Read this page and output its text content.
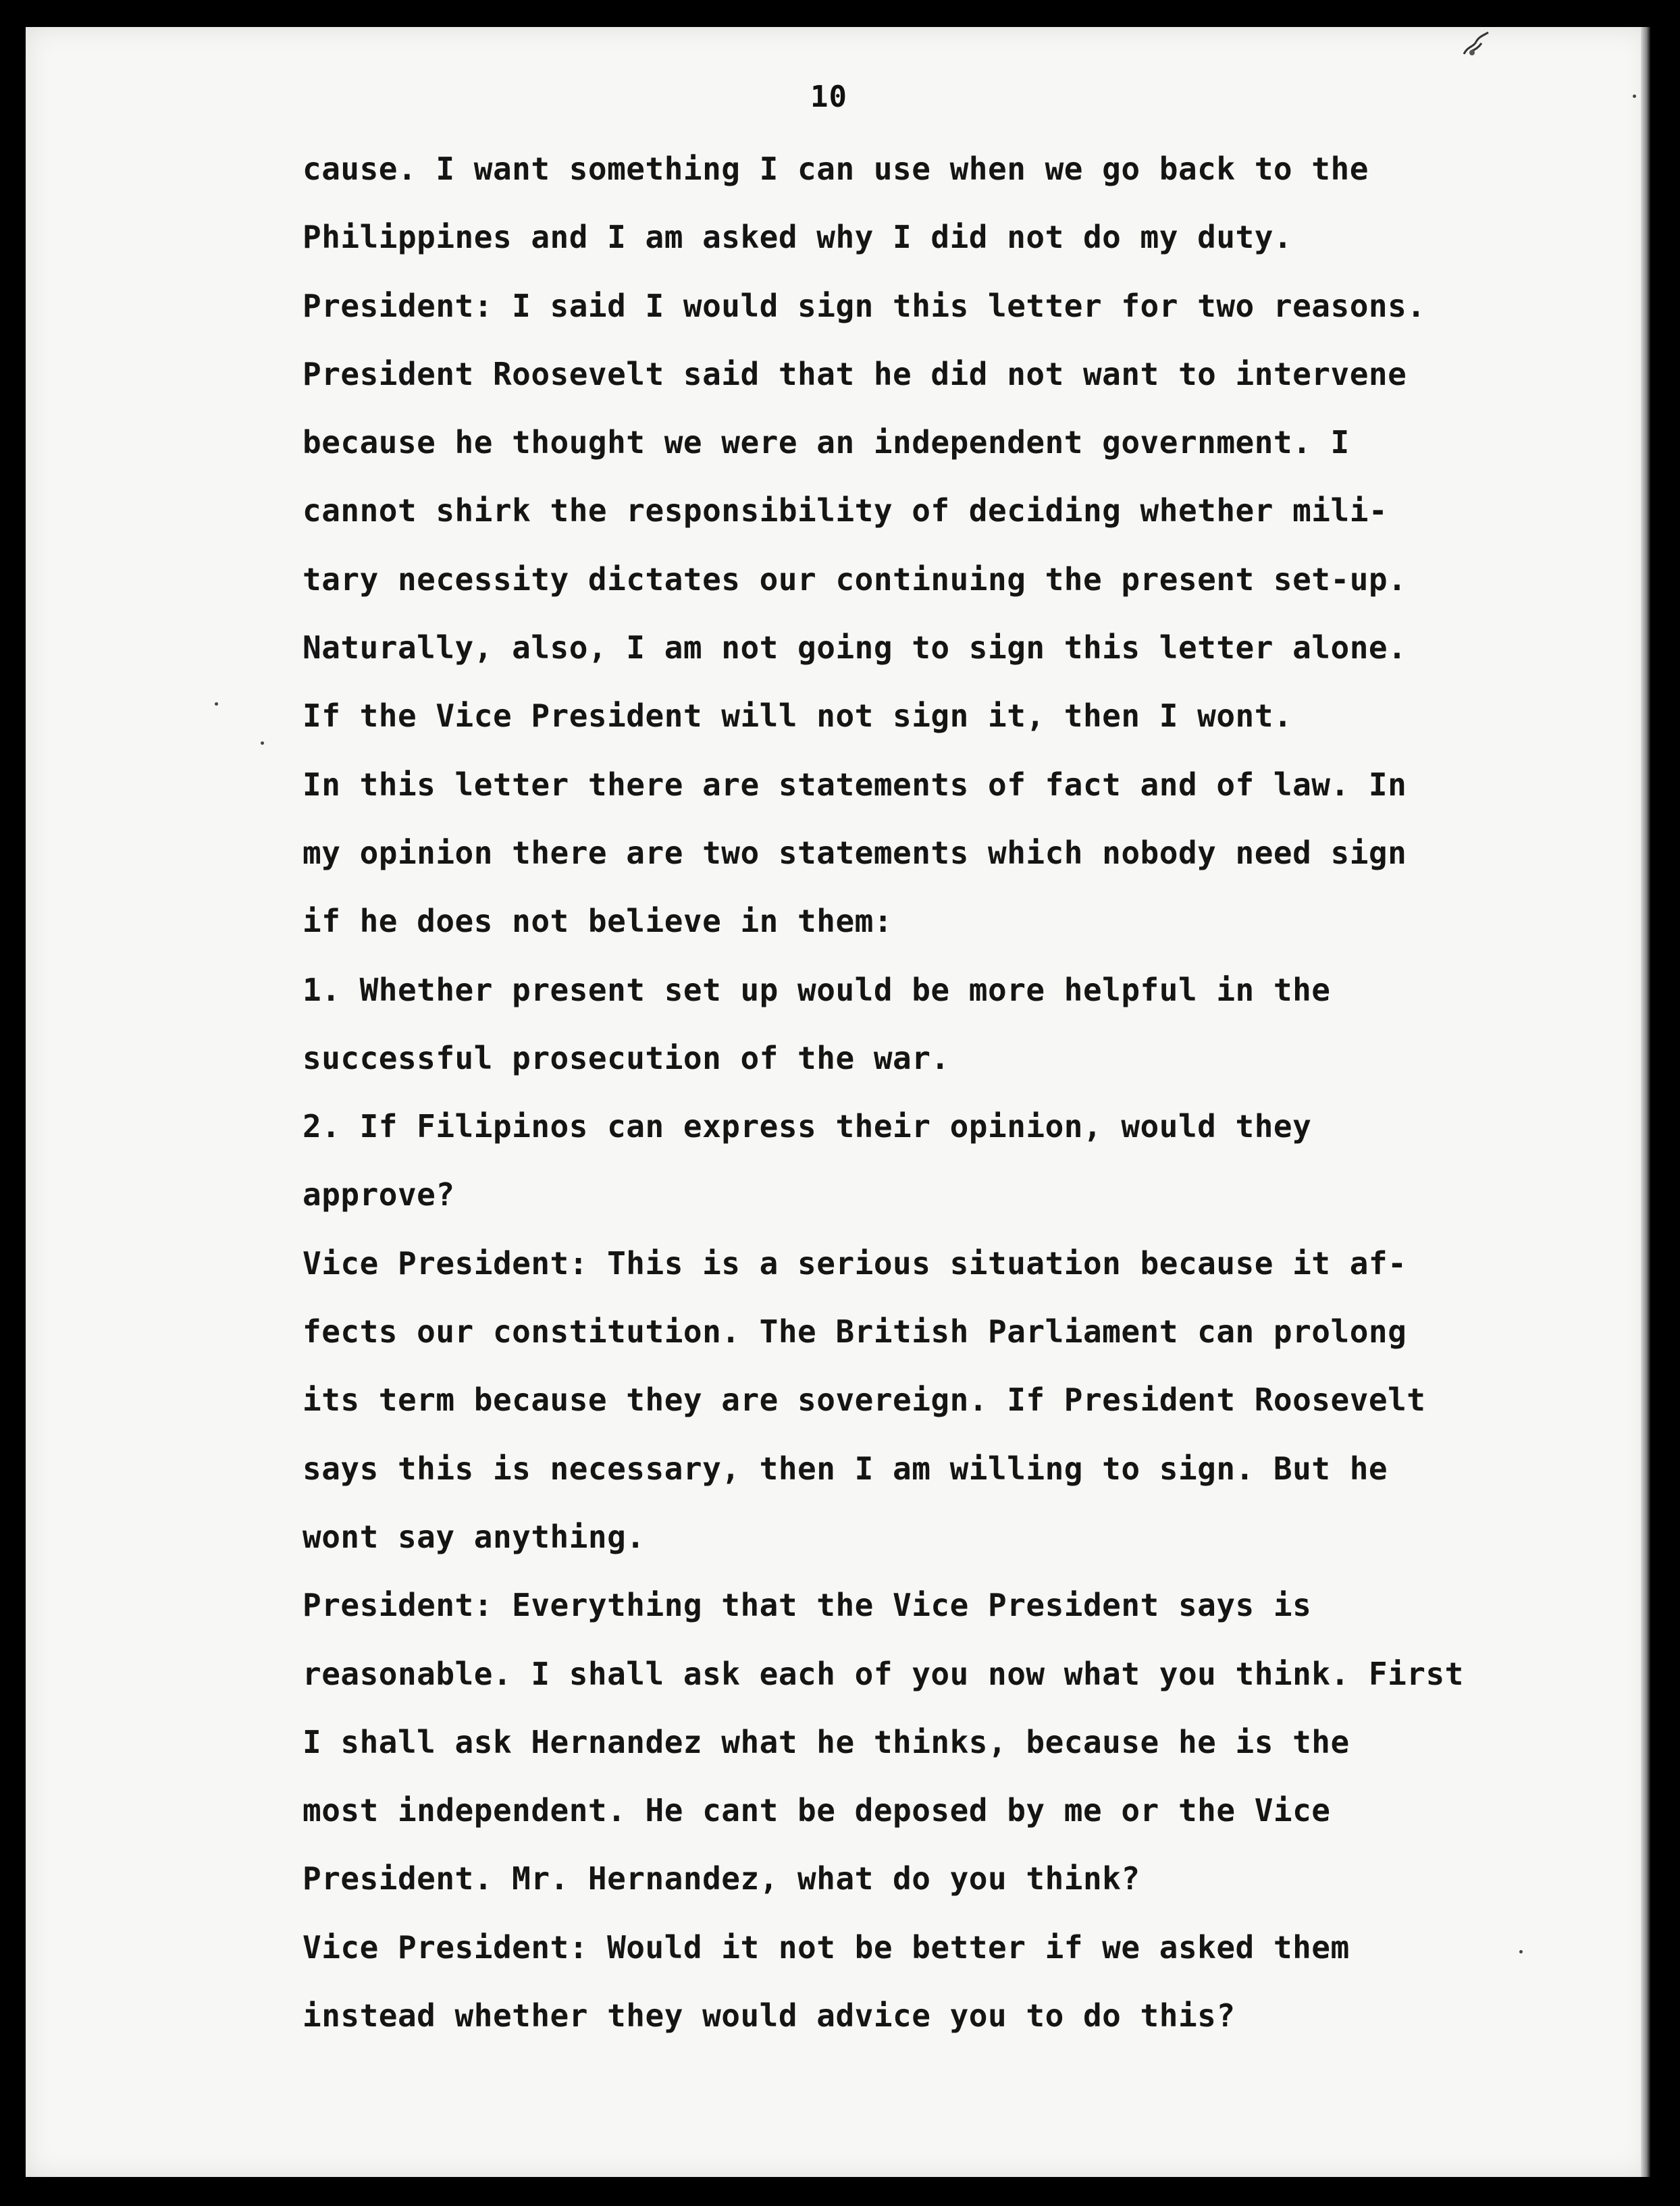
10
cause. I want something I can use when we go back to the
Philippines and I am asked why I did not do my duty.
President: I said I would sign this letter for two reasons.
President Roosevelt said that he did not want to intervene
because he thought we were an independent government. I
cannot shirk the responsibility of deciding whether mili-
tary necessity dictates our continuing the present set-up.
Naturally, also, I am not going to sign this letter alone.
If the Vice President will not sign it, then I wont.
In this letter there are statements of fact and of law. In
my opinion there are two statements which nobody need sign
if he does not believe in them:
1. Whether present set up would be more helpful in the
successful prosecution of the war.
2. If Filipinos can express their opinion, would they
approve?
Vice President: This is a serious situation because it af-
fects our constitution. The British Parliament can prolong
its term because they are sovereign. If President Roosevelt
says this is necessary, then I am willing to sign. But he
wont say anything.
President: Everything that the Vice President says is
reasonable. I shall ask each of you now what you think. First
I shall ask Hernandez what he thinks, because he is the
most independent. He cant be deposed by me or the Vice
President. Mr. Hernandez, what do you think?
Vice President: Would it not be better if we asked them
instead whether they would advice you to do this?
